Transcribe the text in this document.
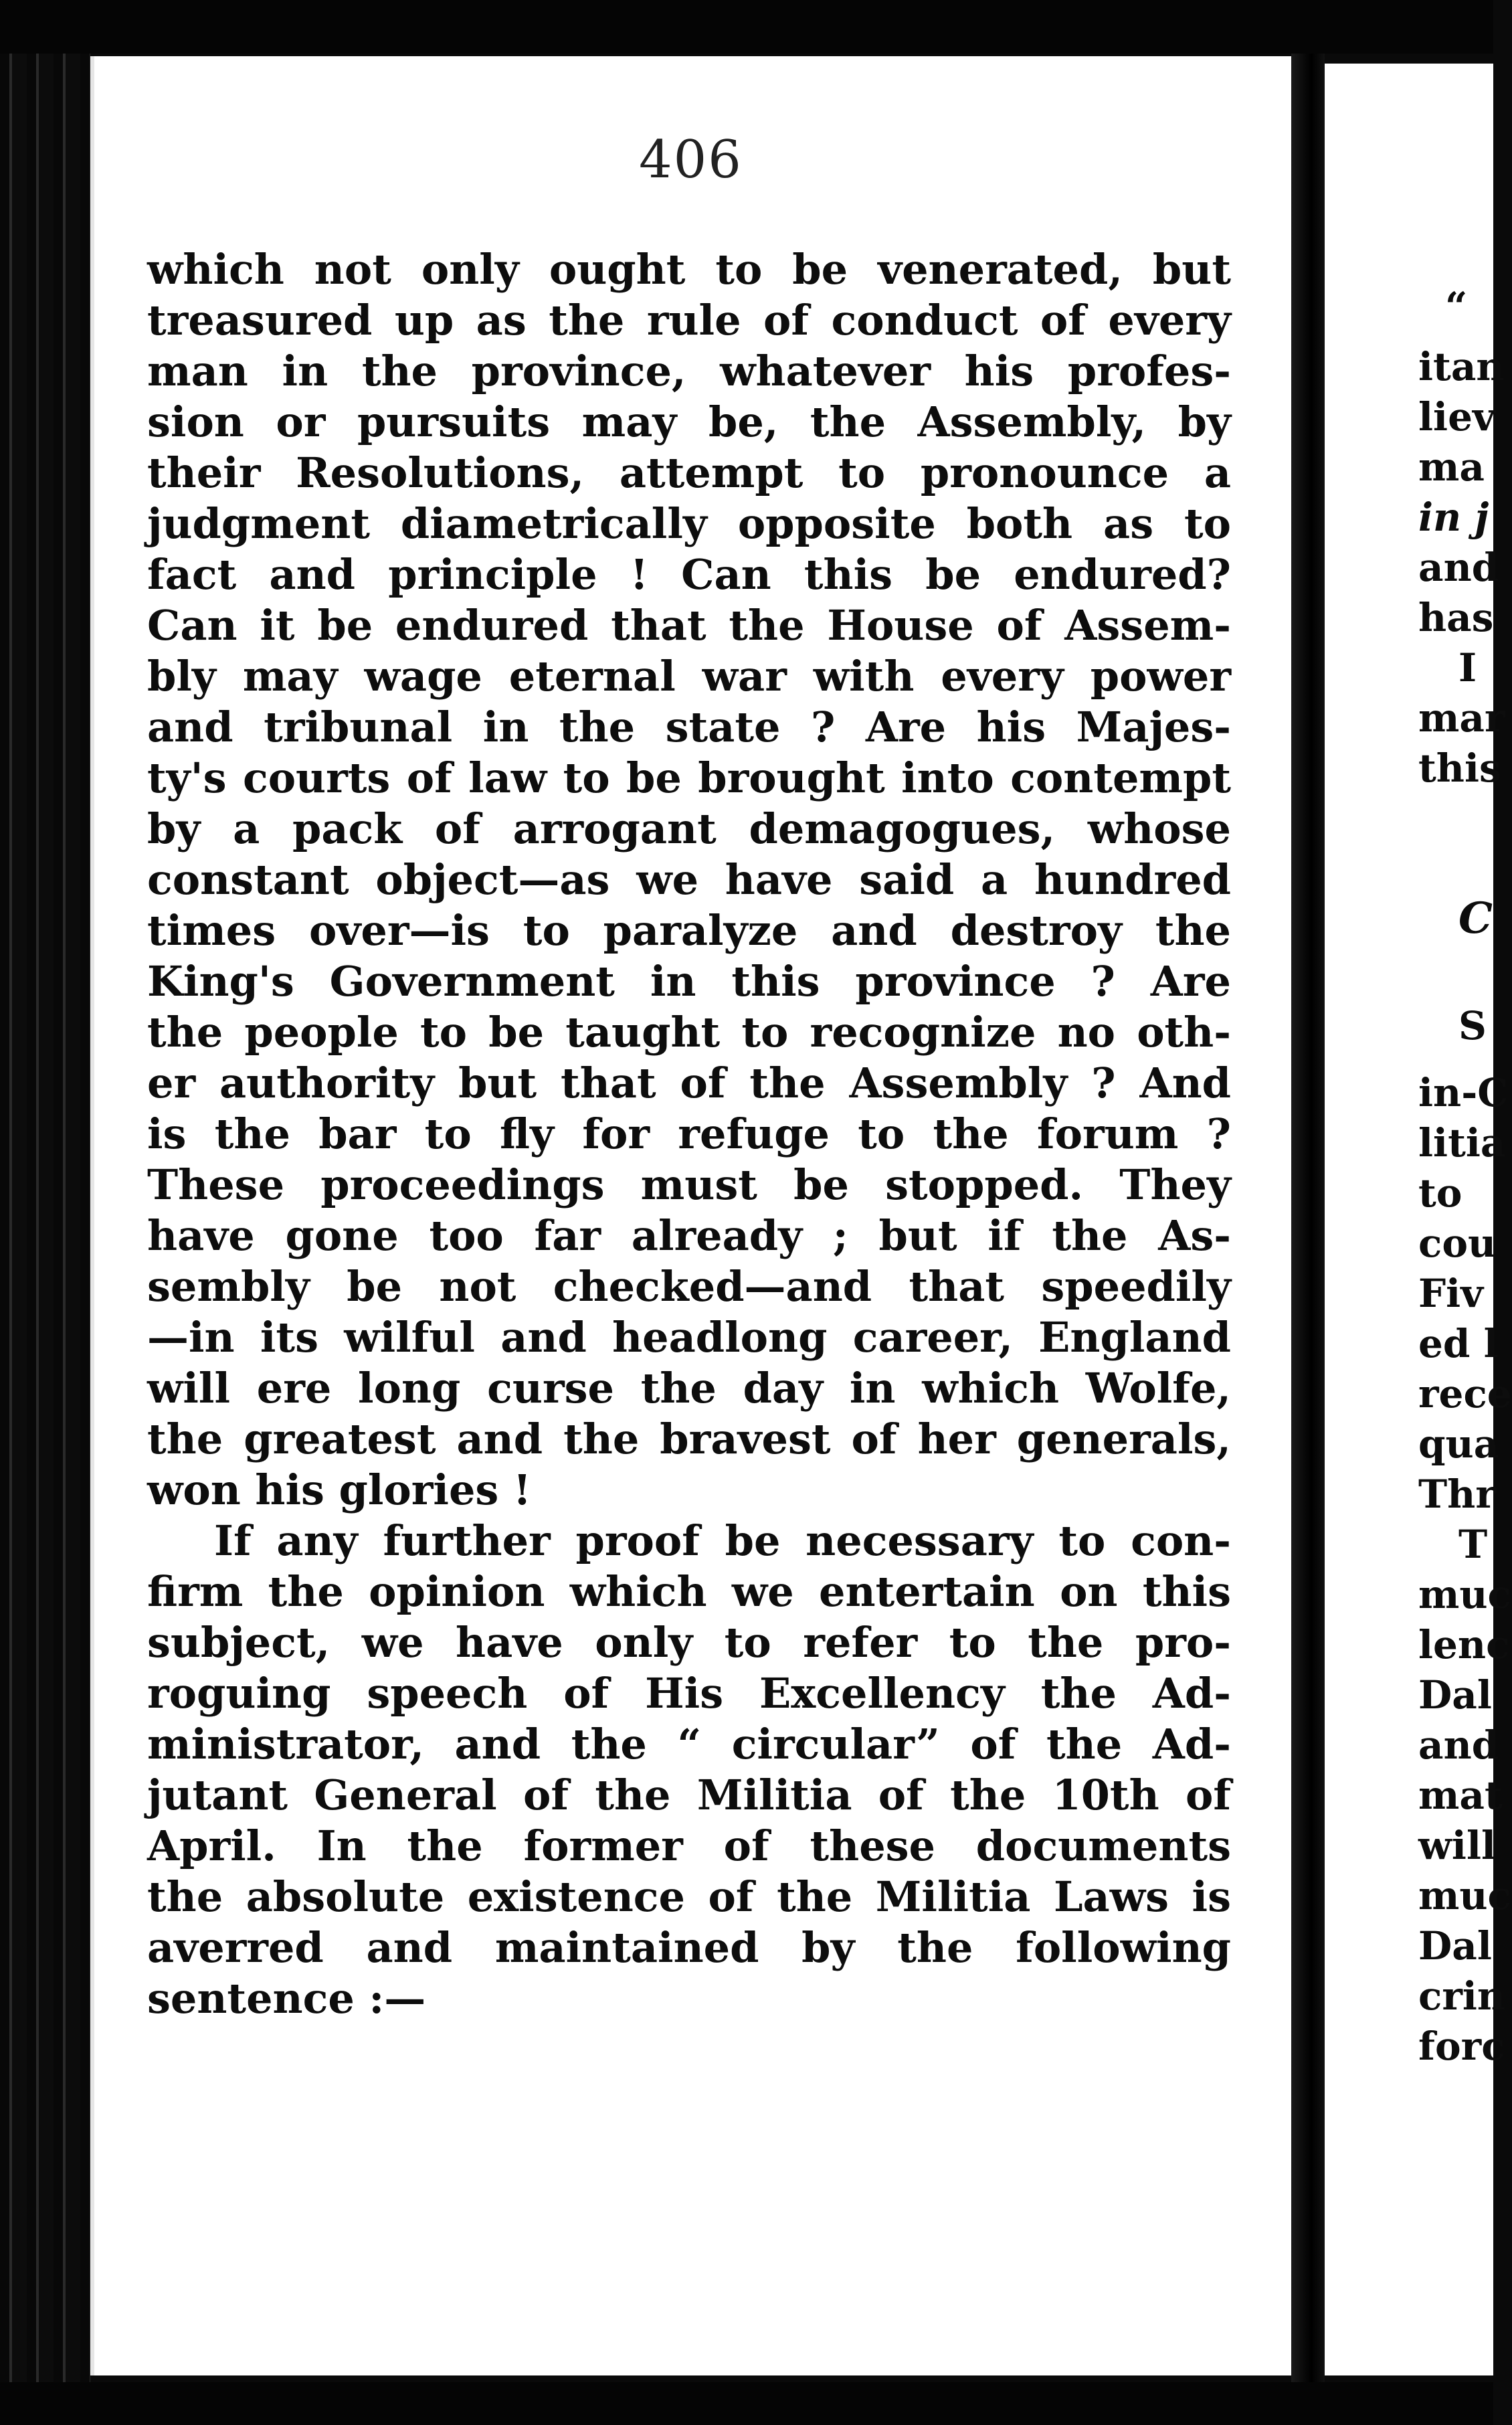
406
which not only ought to be venerated, but
treasured up as the rule of conduct of every
man in the province, whatever his profes-
sion or pursuits may be, the Assembly, by
their Resolutions, attempt to pronounce a
judgment diametrically opposite both as to
fact and principle ! Can this be endured?
Can it be endured that the House of Assem-
bly may wage eternal war with every power
and tribunal in the state ? Are his Majes-
ty's courts of law to be brought into contempt
by a pack of arrogant demagogues, whose
constant object—as we have said a hundred
times over—is to paralyze and destroy the
King's Government in this province ? Are
the people to be taught to recognize no oth-
er authority but that of the Assembly ? And
is the bar to fly for refuge to the forum ?
These proceedings must be stopped. They
have gone too far already ; but if the As-
sembly be not checked—and that speedily
—in its wilful and headlong career, England
will ere long curse the day in which Wolfe,
the greatest and the bravest of her generals,
won his glories !
If any further proof be necessary to con-
firm the opinion which we entertain on this
subject, we have only to refer to the pro-
roguing speech of His Excellency the Ad-
ministrator, and the “ circular” of the Ad-
jutant General of the Militia of the 10th of
April. In the former of these documents
the absolute existence of the Militia Laws is
averred and maintained by the following
sentence :—
“
itan
liev
ma
in j
and
has
I
mar
this
C
S
in-C
litia
to
cou
Fiv
ed l
rece
qua
Thr
T
muc
lenc
Dal
and
mat
will
muc
Dal
crin
forc
